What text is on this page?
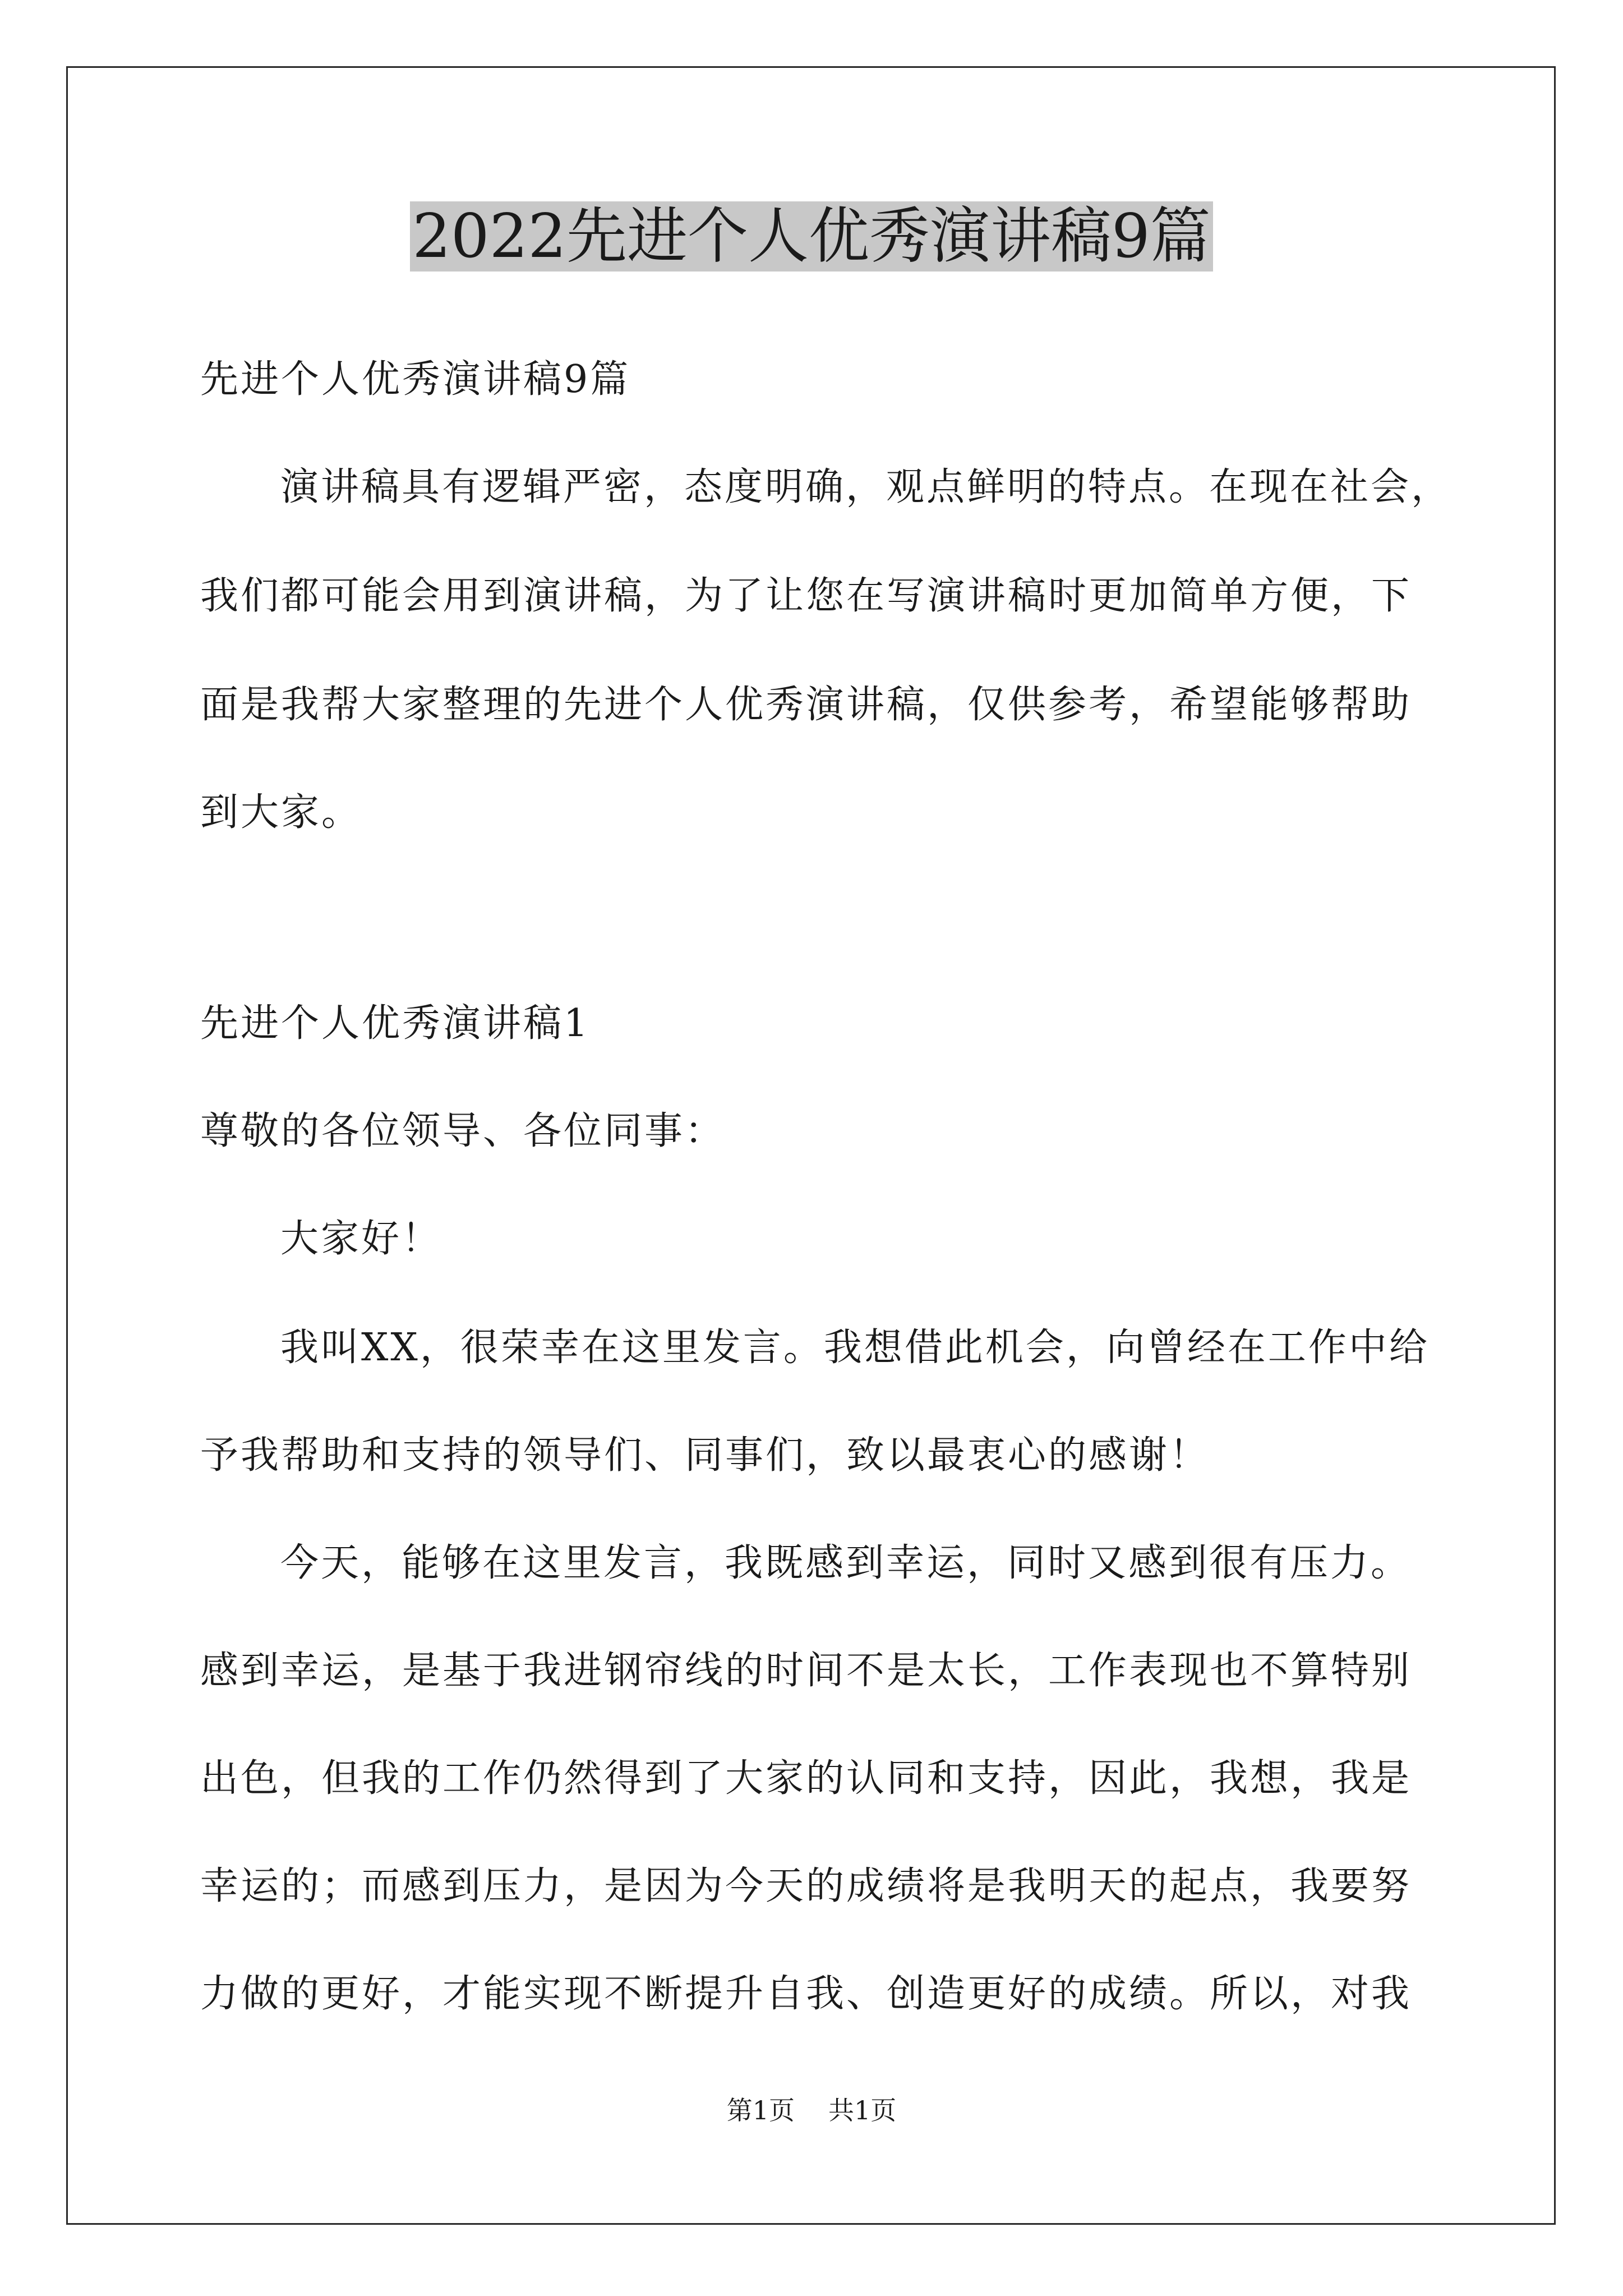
2022先进个人优秀演讲稿9篇
先进个人优秀演讲稿9篇
演讲稿具有逻辑严密，态度明确，观点鲜明的特点。在现在社会，
我们都可能会用到演讲稿，为了让您在写演讲稿时更加简单方便，下
面是我帮大家整理的先进个人优秀演讲稿，仅供参考，希望能够帮助
到大家。
先进个人优秀演讲稿1
尊敬的各位领导、各位同事：
大家好！
我叫XX，很荣幸在这里发言。我想借此机会，向曾经在工作中给
予我帮助和支持的领导们、同事们，致以最衷心的感谢！
今天，能够在这里发言，我既感到幸运，同时又感到很有压力。
感到幸运，是基于我进钢帘线的时间不是太长，工作表现也不算特别
出色，但我的工作仍然得到了大家的认同和支持，因此，我想，我是
幸运的；而感到压力，是因为今天的成绩将是我明天的起点，我要努
力做的更好，才能实现不断提升自我、创造更好的成绩。所以，对我
第1页 共1页
